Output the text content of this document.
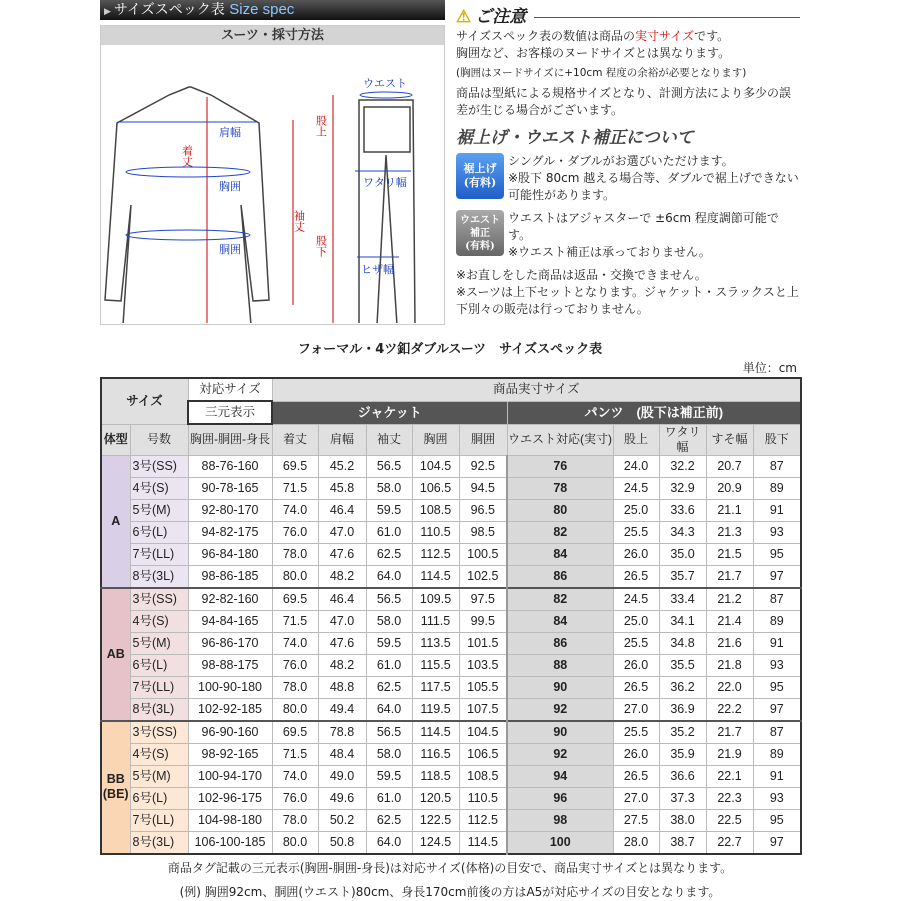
▶ サイズスペック表 Size spec
スーツ・採寸方法
着丈
袖丈
股上
股下
肩幅
胸囲
胴囲
ウエスト
ワタリ幅
ヒザ幅
⚠ ご注意

サイズスペック表の数値は商品の実寸サイズです。

胸囲など、お客様のヌードサイズとは異なります。

(胸囲はヌードサイズに+10cm 程度の余裕が必要となります)

商品は型紙による規格サイズとなり、計測方法により多少の誤差が生じる場合がございます。

裾上げ・ウエスト補正について
裾上げ
(有料)

シングル・ダブルがお選びいただけます。

※股下 80cm 越える場合等、ダブルで裾上げできない可能性があります。

ウエスト
補正
(有料)

ウエストはアジャスターで ±6cm 程度調節可能です。

※ウエスト補正は承っておりません。

※お直しをした商品は返品・交換できません。

※スーツは上下セットとなります。ジャケット・スラックスと上下別々の販売は行っておりません。

フォーマル・4ツ釦ダブルスーツ　サイズスペック表
単位：cm
サイズ	対応サイズ	商品実寸サイズ
三元表示	ジャケット	パンツ　(股下は補正前)
体型	号数	胸囲-胴囲-身長	着丈	肩幅	袖丈	胸囲	胴囲	ウエスト対応(実寸)	股上	ワタリ幅	すそ幅	股下
A	3号(SS)	88-76-160	69.5	45.2	56.5	104.5	92.5	76	24.0	32.2	20.7	87
4号(S)	90-78-165	71.5	45.8	58.0	106.5	94.5	78	24.5	32.9	20.9	89
5号(M)	92-80-170	74.0	46.4	59.5	108.5	96.5	80	25.0	33.6	21.1	91
6号(L)	94-82-175	76.0	47.0	61.0	110.5	98.5	82	25.5	34.3	21.3	93
7号(LL)	96-84-180	78.0	47.6	62.5	112.5	100.5	84	26.0	35.0	21.5	95
8号(3L)	98-86-185	80.0	48.2	64.0	114.5	102.5	86	26.5	35.7	21.7	97
AB	3号(SS)	92-82-160	69.5	46.4	56.5	109.5	97.5	82	24.5	33.4	21.2	87
4号(S)	94-84-165	71.5	47.0	58.0	111.5	99.5	84	25.0	34.1	21.4	89
5号(M)	96-86-170	74.0	47.6	59.5	113.5	101.5	86	25.5	34.8	21.6	91
6号(L)	98-88-175	76.0	48.2	61.0	115.5	103.5	88	26.0	35.5	21.8	93
7号(LL)	100-90-180	78.0	48.8	62.5	117.5	105.5	90	26.5	36.2	22.0	95
8号(3L)	102-92-185	80.0	49.4	64.0	119.5	107.5	92	27.0	36.9	22.2	97
BB
(BE)	3号(SS)	96-90-160	69.5	78.8	56.5	114.5	104.5	90	25.5	35.2	21.7	87
4号(S)	98-92-165	71.5	48.4	58.0	116.5	106.5	92	26.0	35.9	21.9	89
5号(M)	100-94-170	74.0	49.0	59.5	118.5	108.5	94	26.5	36.6	22.1	91
6号(L)	102-96-175	76.0	49.6	61.0	120.5	110.5	96	27.0	37.3	22.3	93
7号(LL)	104-98-180	78.0	50.2	62.5	122.5	112.5	98	27.5	38.0	22.5	95
8号(3L)	106-100-185	80.0	50.8	64.0	124.5	114.5	100	28.0	38.7	22.7	97
商品タグ記載の三元表示(胸囲-胴囲-身長)は対応サイズ(体格)の目安で、商品実寸サイズとは異なります。
(例) 胸囲92cm、胴囲(ウエスト)80cm、身長170cm前後の方はA5が対応サイズの目安となります。
